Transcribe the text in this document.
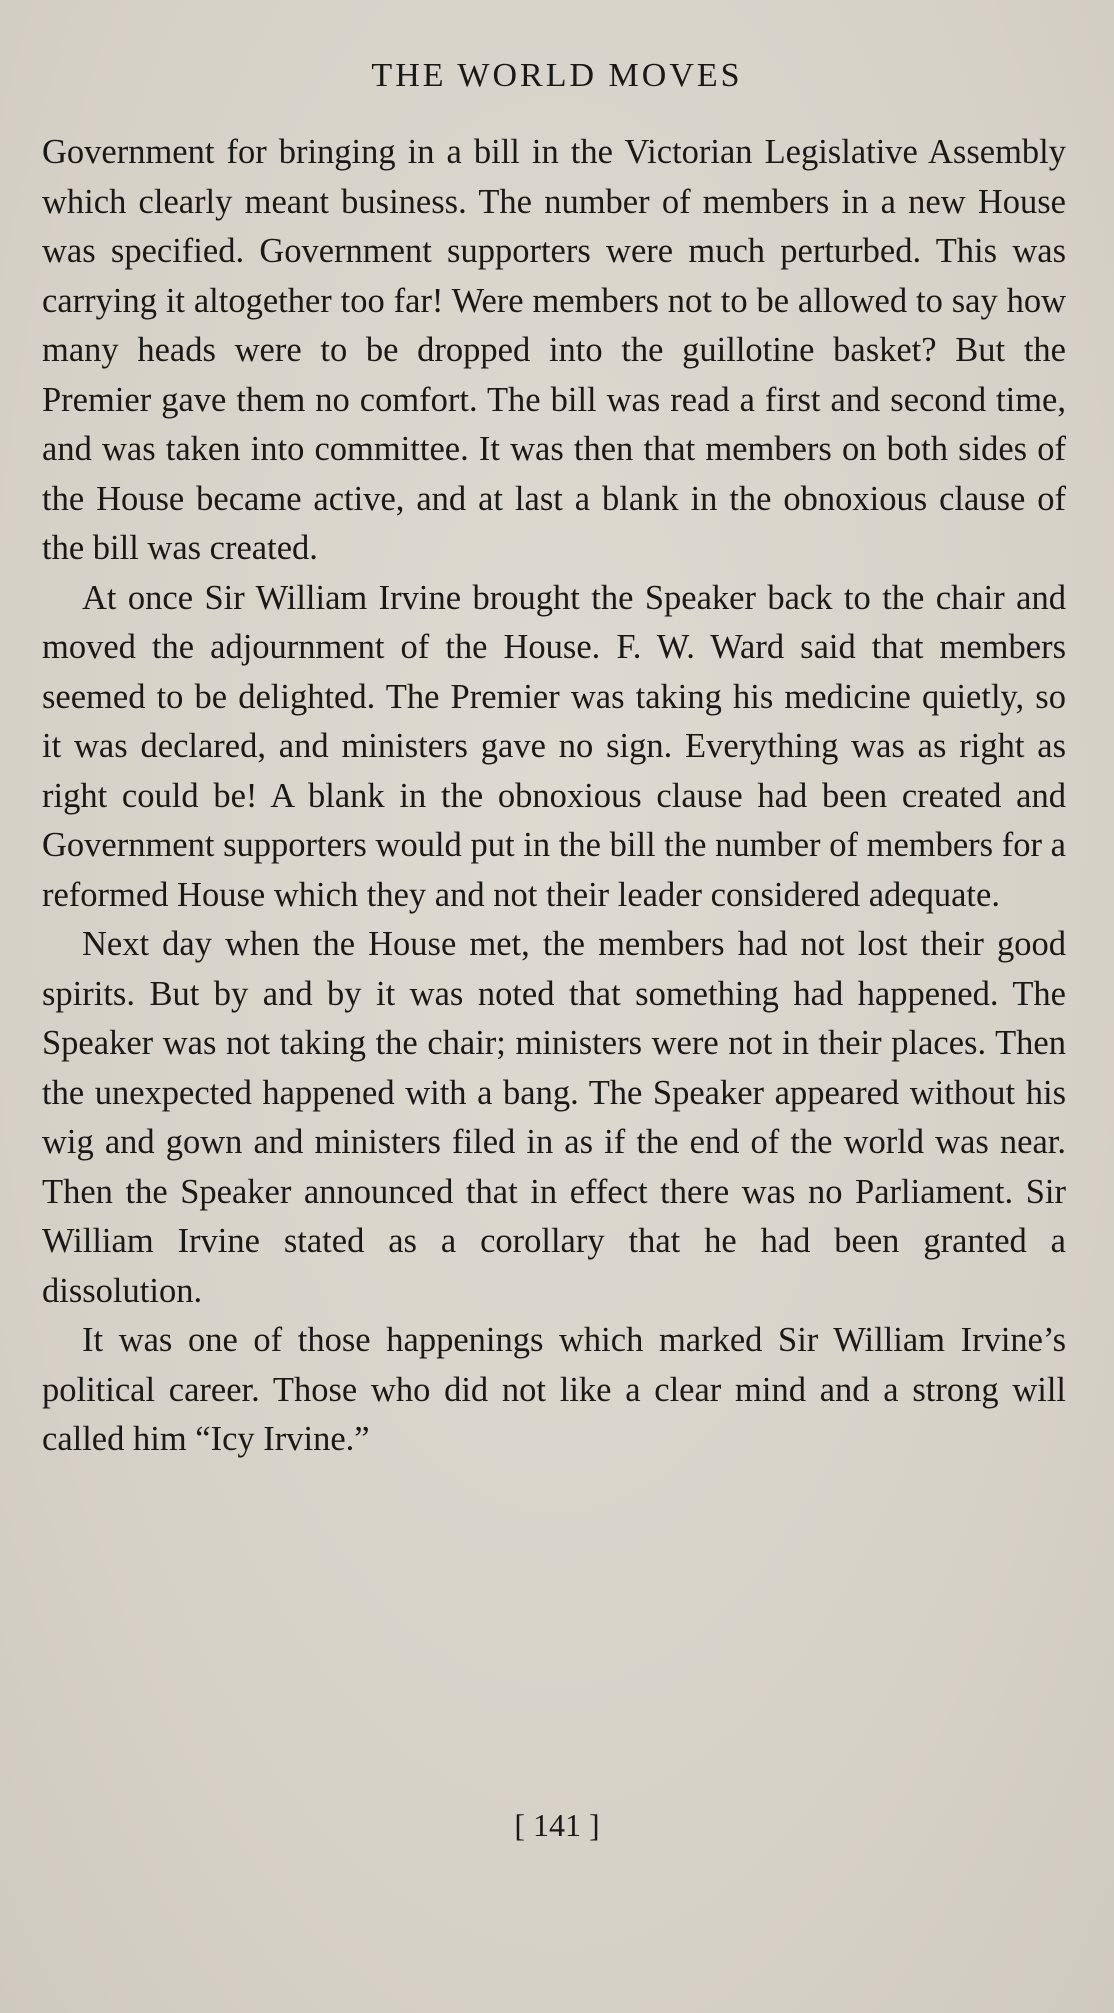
THE WORLD MOVES

Government for bringing in a bill in the Victorian Legislative Assembly which clearly meant business. The number of members in a new House was specified. Government supporters were much perturbed. This was carrying it altogether too far! Were members not to be allowed to say how many heads were to be dropped into the guillotine basket? But the Premier gave them no comfort. The bill was read a first and second time, and was taken into committee. It was then that members on both sides of the House became active, and at last a blank in the obnoxious clause of the bill was created.

At once Sir William Irvine brought the Speaker back to the chair and moved the adjournment of the House. F. W. Ward said that members seemed to be delighted. The Premier was taking his medicine quietly, so it was declared, and ministers gave no sign. Everything was as right as right could be! A blank in the obnoxious clause had been created and Government supporters would put in the bill the number of members for a reformed House which they and not their leader considered adequate.

Next day when the House met, the members had not lost their good spirits. But by and by it was noted that something had happened. The Speaker was not taking the chair; ministers were not in their places. Then the unexpected happened with a bang. The Speaker appeared without his wig and gown and ministers filed in as if the end of the world was near. Then the Speaker announced that in effect there was no Parliament. Sir William Irvine stated as a corollary that he had been granted a dissolution.

It was one of those happenings which marked Sir William Irvine’s political career. Those who did not like a clear mind and a strong will called him “Icy Irvine.”

[ 141 ]
